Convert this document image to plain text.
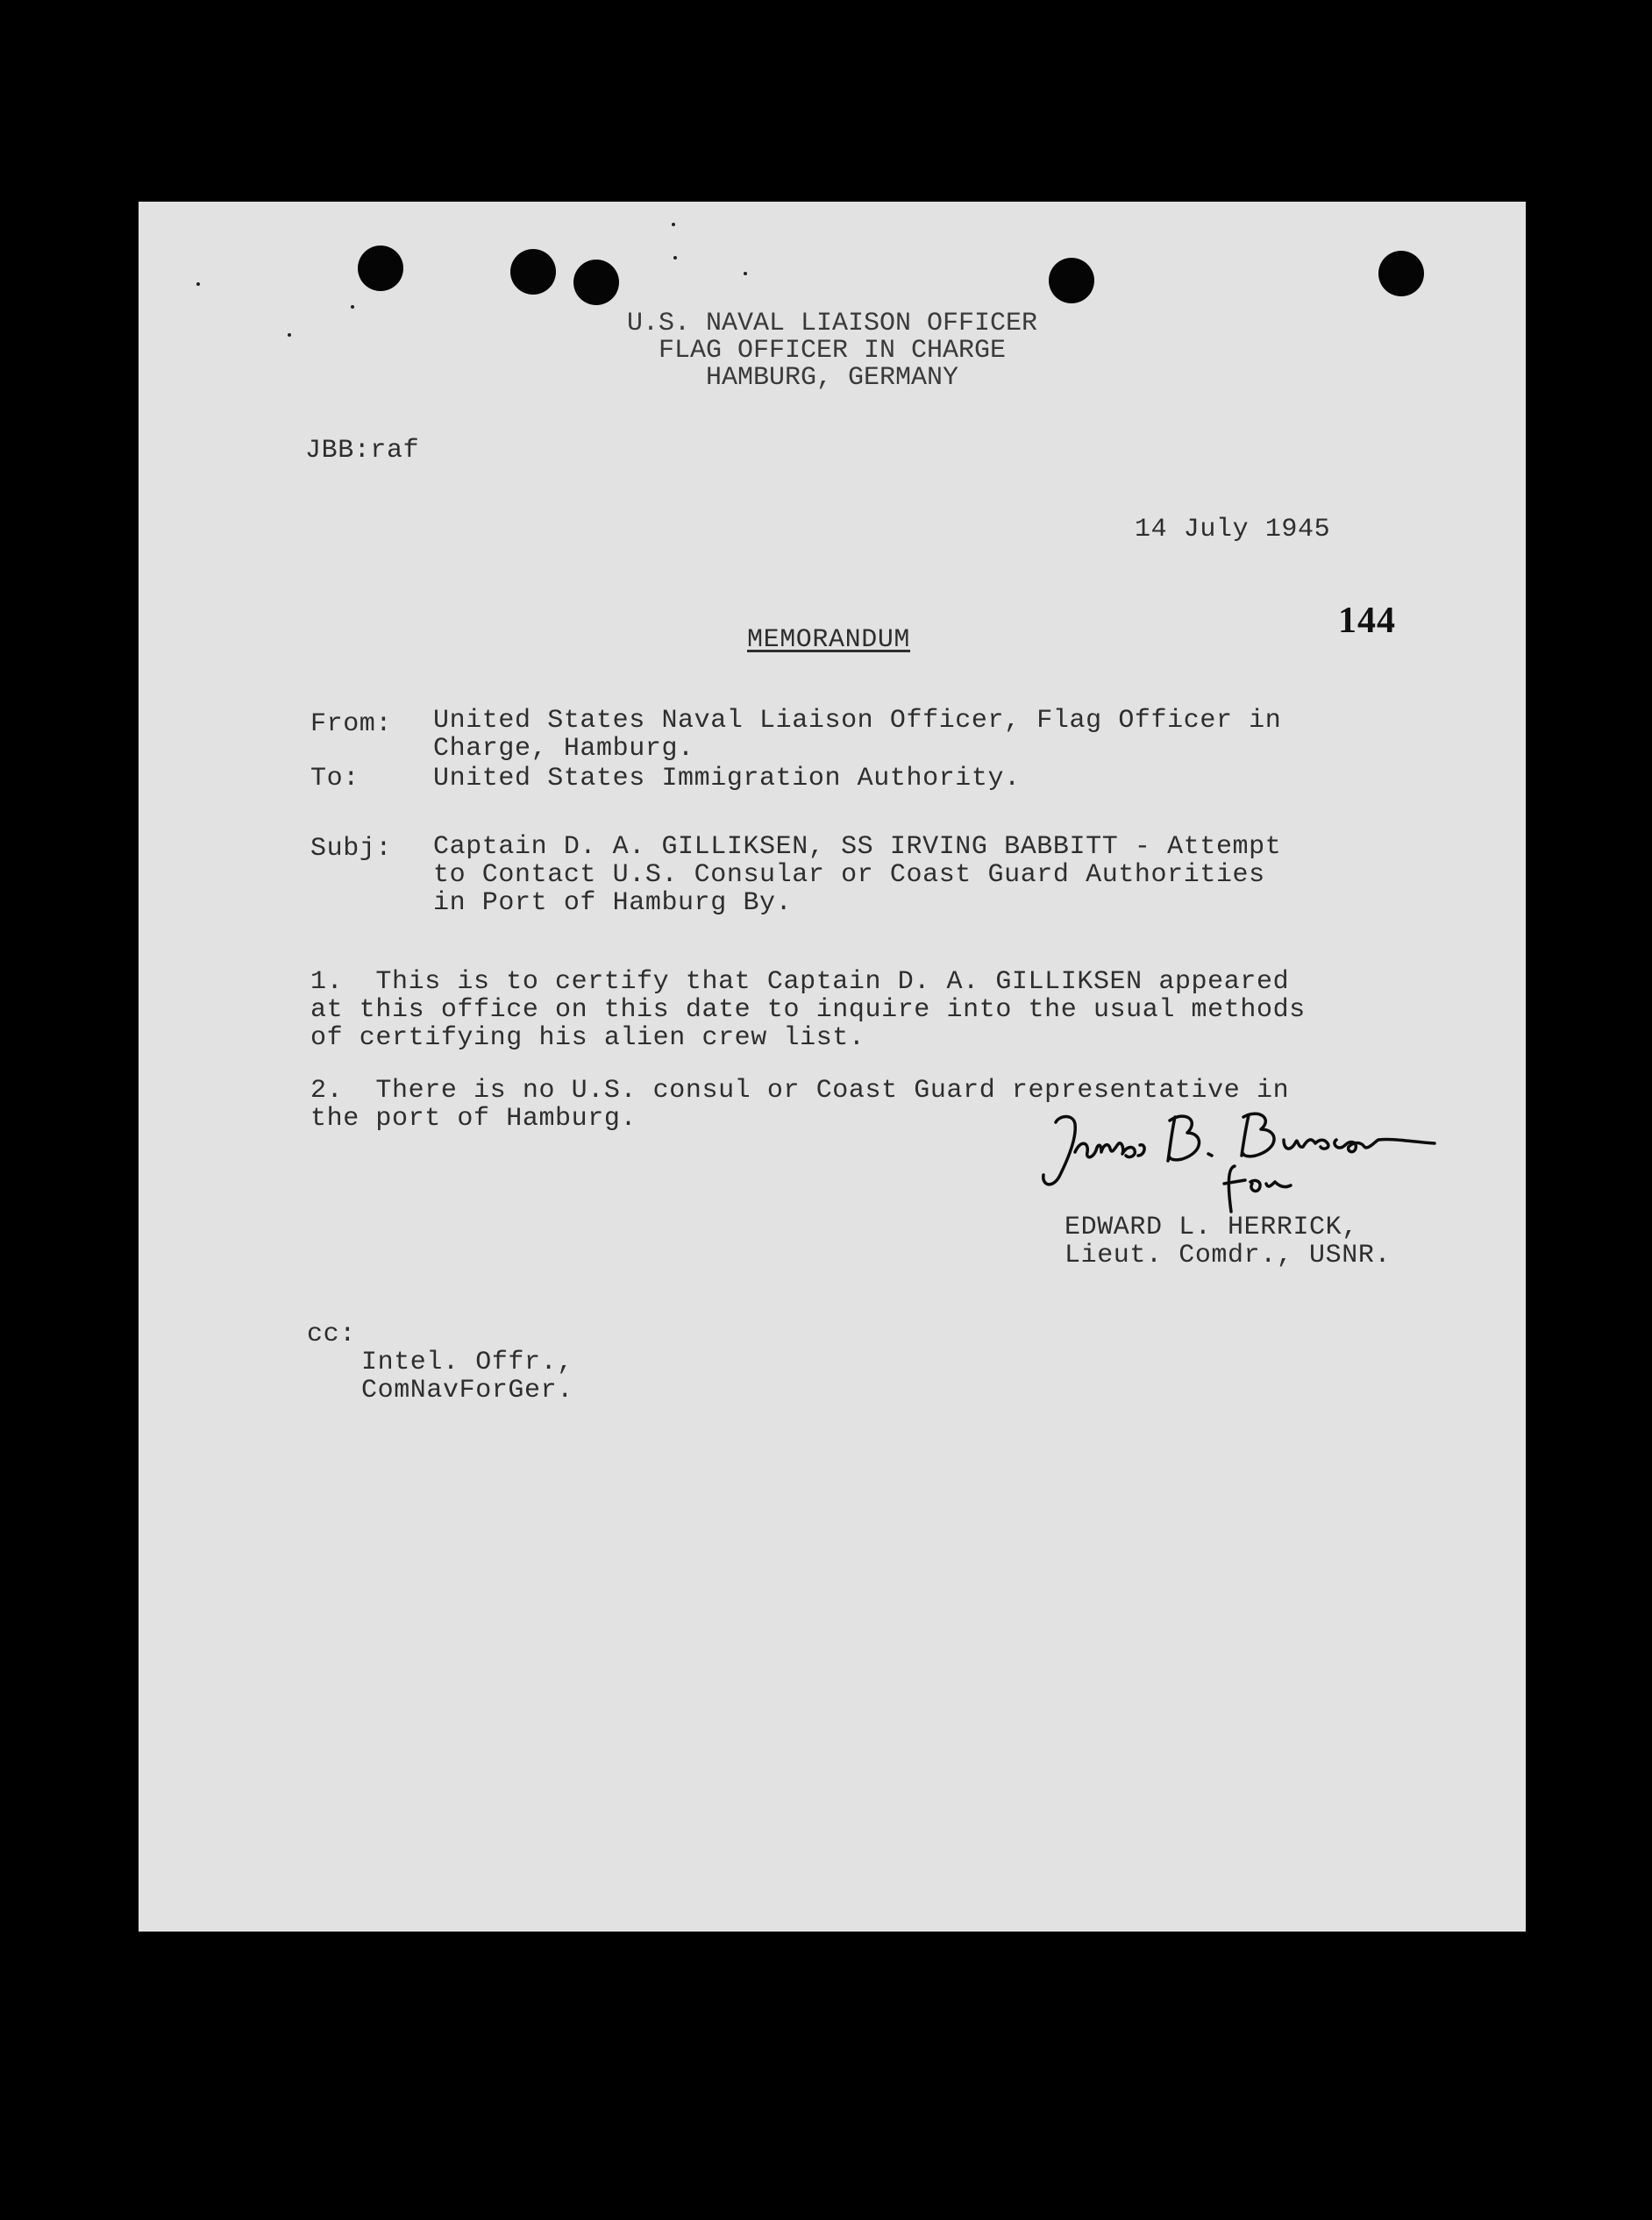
U.S. NAVAL LIAISON OFFICER
FLAG OFFICER IN CHARGE
HAMBURG, GERMANY
JBB:raf
14 July 1945
144
MEMORANDUM
From: United States Naval Liaison Officer, Flag Officer in
Charge, Hamburg.
To:	United States Immigration Authority.
Subj: Captain D. A. GILLIKSEN, SS IRVING BABBITT - Attempt
to Contact U.S. Consular or Coast Guard Authorities
in Port of Hamburg By.
1.  This is to certify that Captain D. A. GILLIKSEN appeared
at this office on this date to inquire into the usual methods
of certifying his alien crew list.
2.  There is no U.S. consul or Coast Guard representative in
the port of Hamburg.
EDWARD L. HERRICK,
Lieut. Comdr., USNR.
cc:
Intel. Offr.,
ComNavForGer.
